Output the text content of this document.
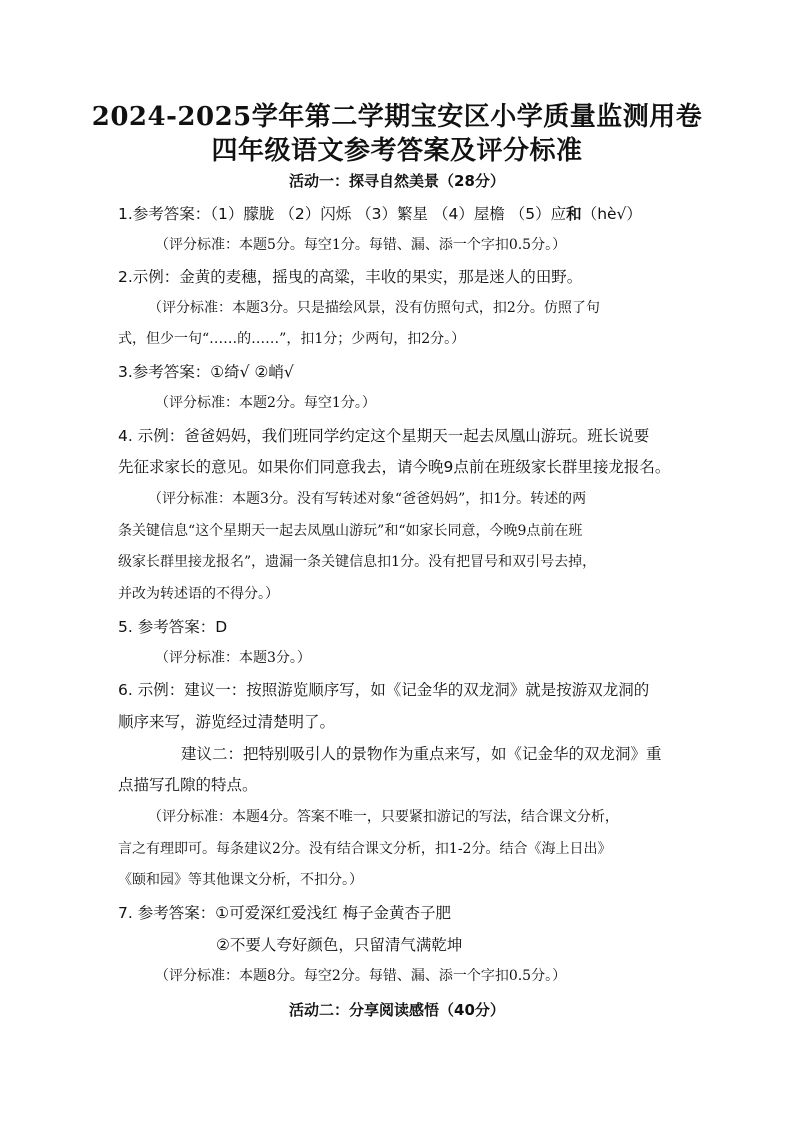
2024-2025学年第二学期宝安区小学质量监测用卷
四年级语文参考答案及评分标准
活动一：探寻自然美景（28分）
1.参考答案：（1）朦胧 （2）闪烁 （3）繁星 （4）屋檐 （5）应和（hè√）
（评分标准：本题5分。每空1分。每错、漏、添一个字扣0.5分。）
2.示例：金黄的麦穗，摇曳的高粱，丰收的果实，那是迷人的田野。
（评分标准：本题3分。只是描绘风景，没有仿照句式，扣2分。仿照了句
式，但少一句“……的……”，扣1分；少两句，扣2分。）
3.参考答案：①绮√ ②峭√
（评分标准：本题2分。每空1分。）
4. 示例：爸爸妈妈，我们班同学约定这个星期天一起去凤凰山游玩。班长说要
先征求家长的意见。如果你们同意我去，请今晚9点前在班级家长群里接龙报名。
（评分标准：本题3分。没有写转述对象“爸爸妈妈”，扣1分。转述的两
条关键信息“这个星期天一起去凤凰山游玩”和“如家长同意，今晚9点前在班
级家长群里接龙报名”，遗漏一条关键信息扣1分。没有把冒号和双引号去掉，
并改为转述语的不得分。）
5. 参考答案：D
（评分标准：本题3分。）
6. 示例：建议一：按照游览顺序写，如《记金华的双龙洞》就是按游双龙洞的
顺序来写，游览经过清楚明了。
建议二：把特别吸引人的景物作为重点来写，如《记金华的双龙洞》重
点描写孔隙的特点。
（评分标准：本题4分。答案不唯一，只要紧扣游记的写法，结合课文分析，
言之有理即可。每条建议2分。没有结合课文分析，扣1-2分。结合《海上日出》
《颐和园》等其他课文分析，不扣分。）
7. 参考答案：①可爱深红爱浅红 梅子金黄杏子肥
②不要人夸好颜色，只留清气满乾坤
（评分标准：本题8分。每空2分。每错、漏、添一个字扣0.5分。）
活动二：分享阅读感悟（40分）
